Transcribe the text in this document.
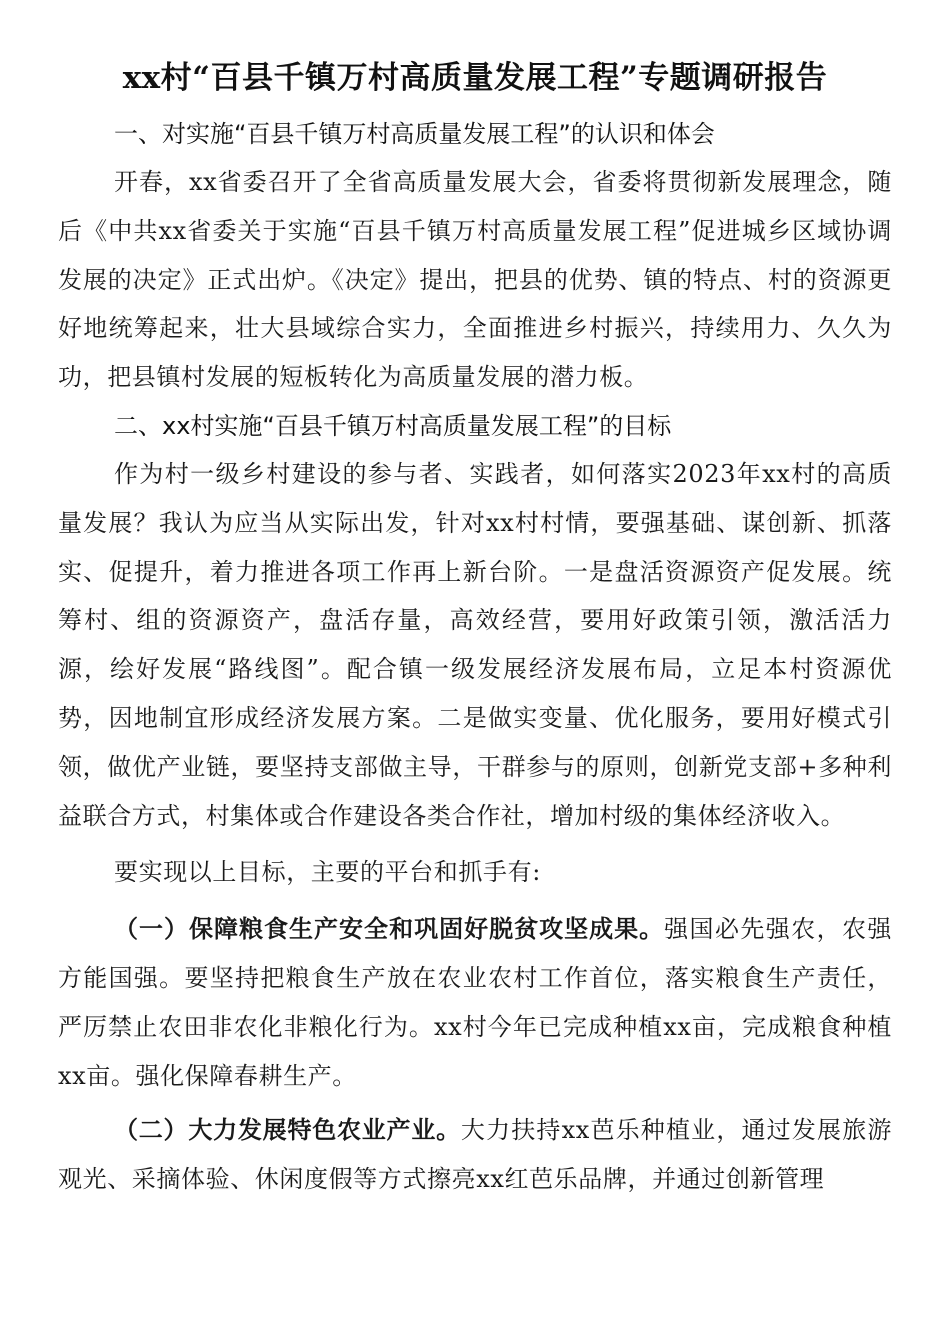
xx村“百县千镇万村高质量发展工程”专题调研报告

一、对实施“百县千镇万村高质量发展工程”的认识和体会

开春，xx省委召开了全省高质量发展大会，省委将贯彻新发展理念，随后《中共xx省委关于实施“百县千镇万村高质量发展工程”促进城乡区域协调发展的决定》正式出炉。《决定》提出，把县的优势、镇的特点、村的资源更好地统筹起来，壮大县域综合实力，全面推进乡村振兴，持续用力、久久为功，把县镇村发展的短板转化为高质量发展的潜力板。

二、xx村实施“百县千镇万村高质量发展工程”的目标

作为村一级乡村建设的参与者、实践者，如何落实2023年xx村的高质量发展？我认为应当从实际出发，针对xx村村情，要强基础、谋创新、抓落实、促提升，着力推进各项工作再上新台阶。一是盘活资源资产促发展。统筹村、组的资源资产，盘活存量，高效经营，要用好政策引领，激活活力源，绘好发展“路线图”。配合镇一级发展经济发展布局，立足本村资源优势，因地制宜形成经济发展方案。二是做实变量、优化服务，要用好模式引领，做优产业链，要坚持支部做主导，干群参与的原则，创新党支部+多种利益联合方式，村集体或合作建设各类合作社，增加村级的集体经济收入。

要实现以上目标，主要的平台和抓手有:

（一）保障粮食生产安全和巩固好脱贫攻坚成果。强国必先强农，农强方能国强。要坚持把粮食生产放在农业农村工作首位，落实粮食生产责任，严厉禁止农田非农化非粮化行为。xx村今年已完成种植xx亩，完成粮食种植xx亩。强化保障春耕生产。

（二）大力发展特色农业产业。大力扶持xx芭乐种植业，通过发展旅游观光、采摘体验、休闲度假等方式擦亮xx红芭乐品牌，并通过创新管理
